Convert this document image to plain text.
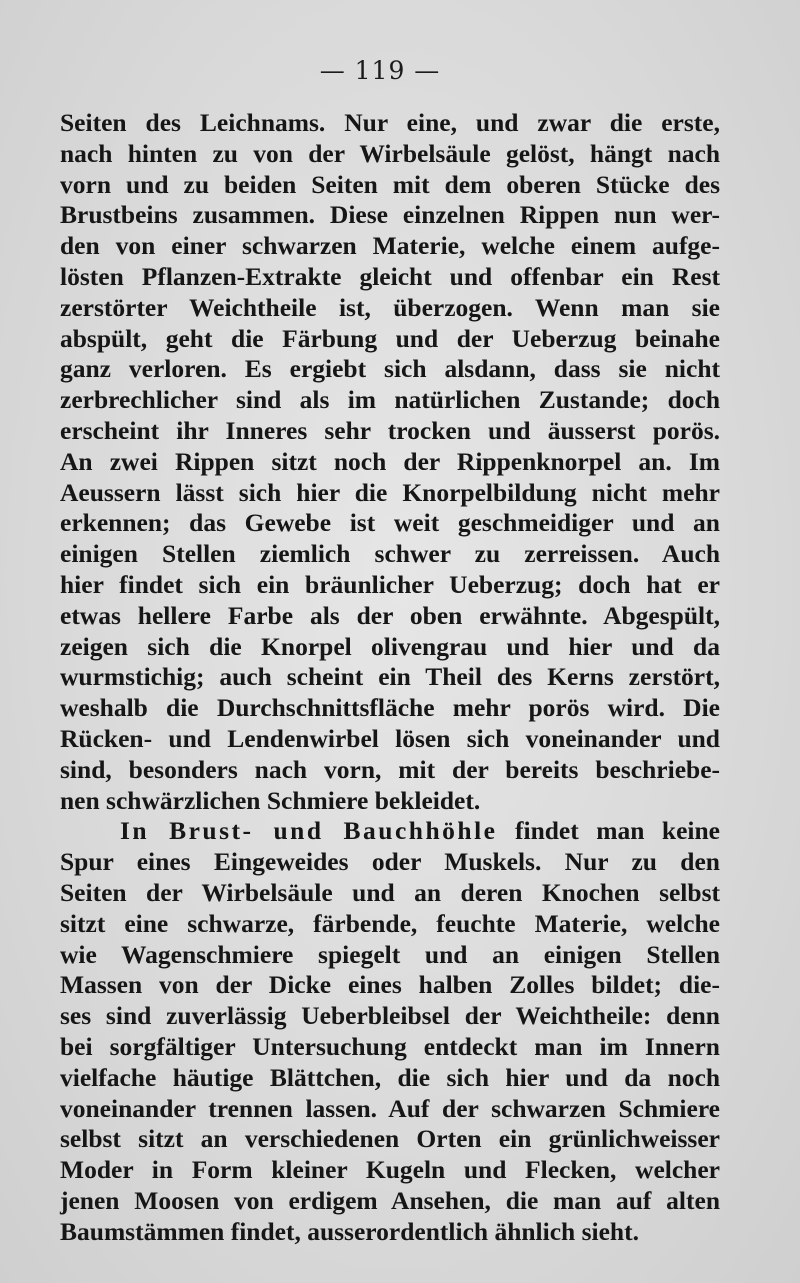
— 119 —
Seiten des Leichnams. Nur eine, und zwar die erste,
nach hinten zu von der Wirbelsäule gelöst, hängt nach
vorn und zu beiden Seiten mit dem oberen Stücke des
Brustbeins zusammen. Diese einzelnen Rippen nun wer-
den von einer schwarzen Materie, welche einem aufge-
lösten Pflanzen-Extrakte gleicht und offenbar ein Rest
zerstörter Weichtheile ist, überzogen. Wenn man sie
abspült, geht die Färbung und der Ueberzug beinahe
ganz verloren. Es ergiebt sich alsdann, dass sie nicht
zerbrechlicher sind als im natürlichen Zustande; doch
erscheint ihr Inneres sehr trocken und äusserst porös.
An zwei Rippen sitzt noch der Rippenknorpel an. Im
Aeussern lässt sich hier die Knorpelbildung nicht mehr
erkennen; das Gewebe ist weit geschmeidiger und an
einigen Stellen ziemlich schwer zu zerreissen. Auch
hier findet sich ein bräunlicher Ueberzug; doch hat er
etwas hellere Farbe als der oben erwähnte. Abgespült,
zeigen sich die Knorpel olivengrau und hier und da
wurmstichig; auch scheint ein Theil des Kerns zerstört,
weshalb die Durchschnittsfläche mehr porös wird. Die
Rücken- und Lendenwirbel lösen sich voneinander und
sind, besonders nach vorn, mit der bereits beschriebe-
nen schwärzlichen Schmiere bekleidet.
In Brust- und Bauchhöhle findet man keine
Spur eines Eingeweides oder Muskels. Nur zu den
Seiten der Wirbelsäule und an deren Knochen selbst
sitzt eine schwarze, färbende, feuchte Materie, welche
wie Wagenschmiere spiegelt und an einigen Stellen
Massen von der Dicke eines halben Zolles bildet; die-
ses sind zuverlässig Ueberbleibsel der Weichtheile: denn
bei sorgfältiger Untersuchung entdeckt man im Innern
vielfache häutige Blättchen, die sich hier und da noch
voneinander trennen lassen. Auf der schwarzen Schmiere
selbst sitzt an verschiedenen Orten ein grünlichweisser
Moder in Form kleiner Kugeln und Flecken, welcher
jenen Moosen von erdigem Ansehen, die man auf alten
Baumstämmen findet, ausserordentlich ähnlich sieht.
